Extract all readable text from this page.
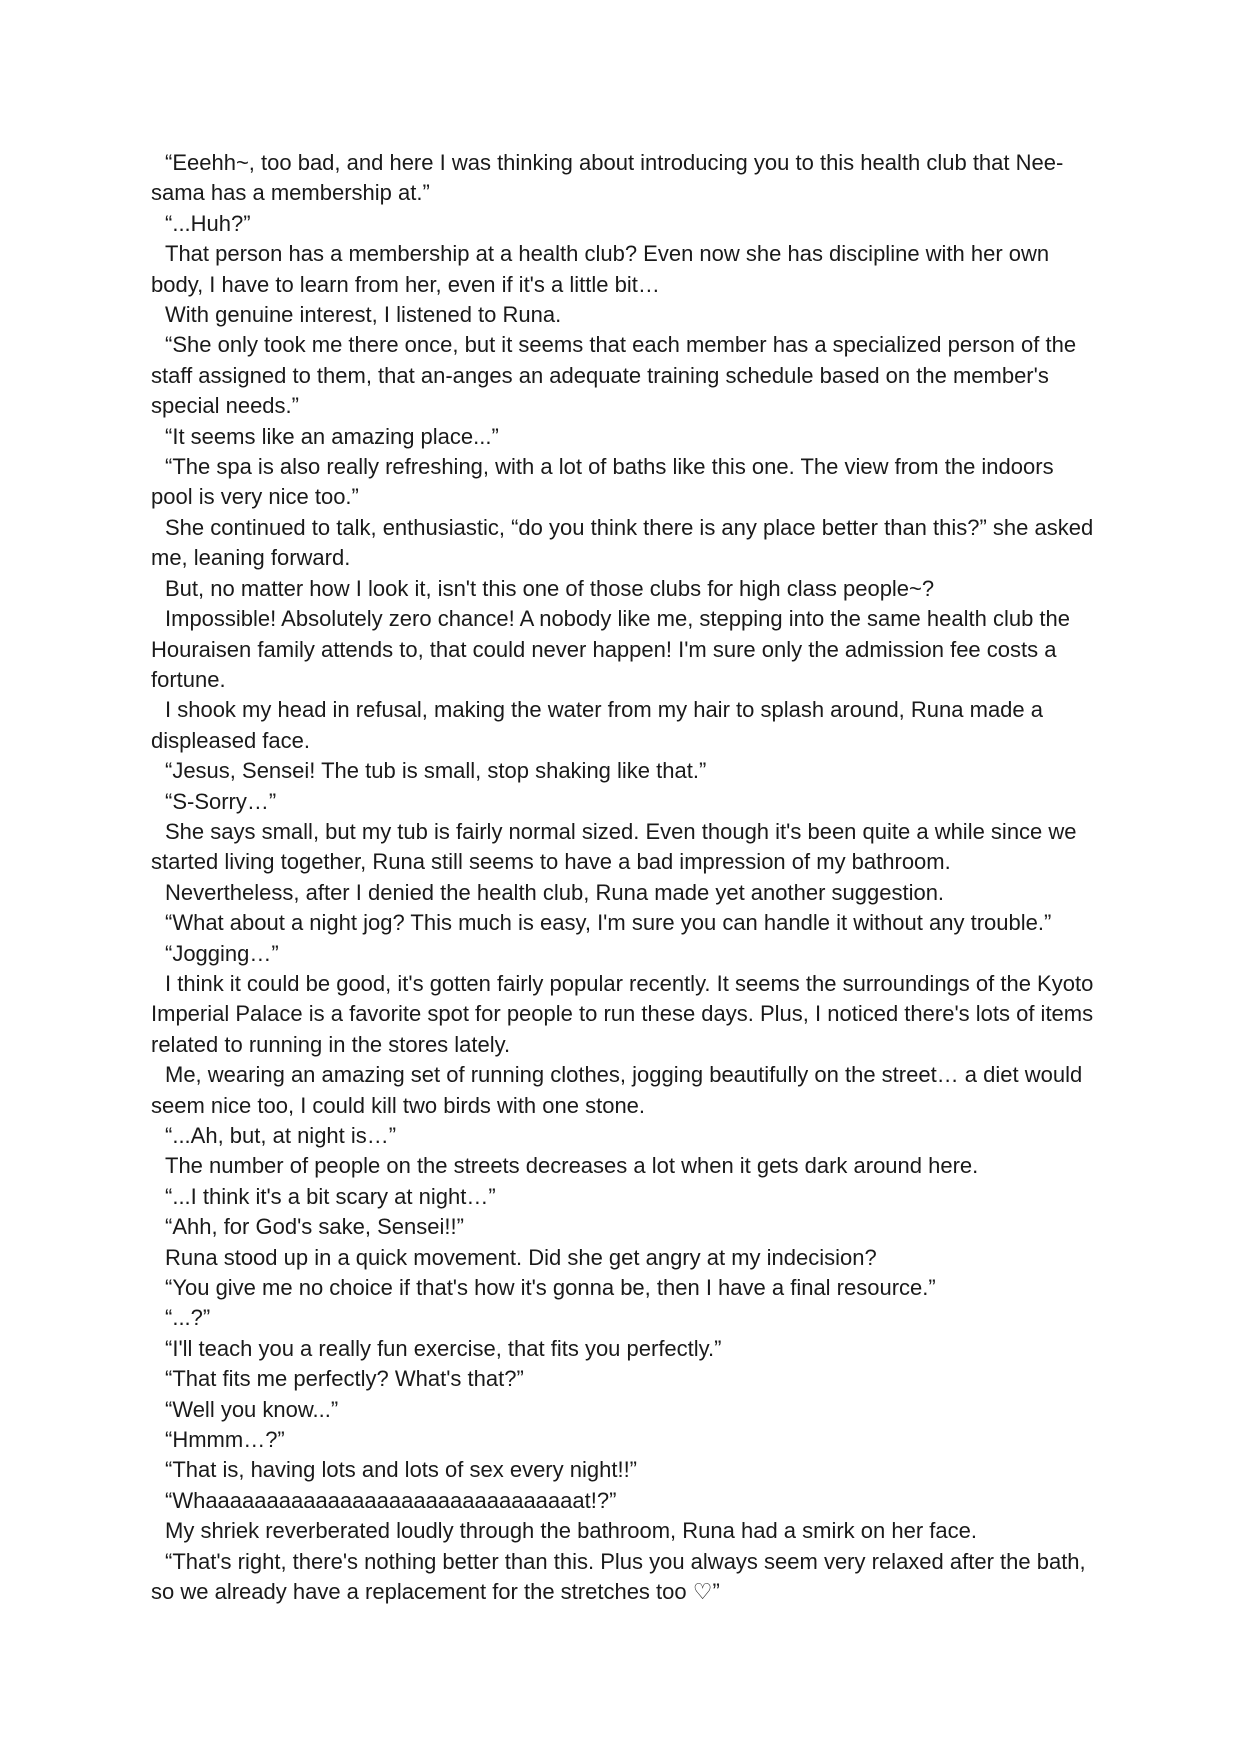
“Eeehh~, too bad, and here I was thinking about introducing you to this health club that Nee-sama has a membership at.”

“...Huh?”

That person has a membership at a health club? Even now she has discipline with her own body, I have to learn from her, even if it's a little bit…

With genuine interest, I listened to Runa.

“She only took me there once, but it seems that each member has a specialized person of the staff assigned to them, that an-anges an adequate training schedule based on the member's special needs.”

“It seems like an amazing place...”

“The spa is also really refreshing, with a lot of baths like this one. The view from the indoors pool is very nice too.”

She continued to talk, enthusiastic, “do you think there is any place better than this?” she asked me, leaning forward.

But, no matter how I look it, isn't this one of those clubs for high class people~?

Impossible! Absolutely zero chance! A nobody like me, stepping into the same health club the Houraisen family attends to, that could never happen! I'm sure only the admission fee costs a fortune.

I shook my head in refusal, making the water from my hair to splash around, Runa made a displeased face.

“Jesus, Sensei! The tub is small, stop shaking like that.”

“S-Sorry…”

She says small, but my tub is fairly normal sized. Even though it's been quite a while since we started living together, Runa still seems to have a bad impression of my bathroom.

Nevertheless, after I denied the health club, Runa made yet another suggestion.

“What about a night jog? This much is easy, I'm sure you can handle it without any trouble.”

“Jogging…”

I think it could be good, it's gotten fairly popular recently. It seems the surroundings of the Kyoto Imperial Palace is a favorite spot for people to run these days. Plus, I noticed there's lots of items related to running in the stores lately.

Me, wearing an amazing set of running clothes, jogging beautifully on the street… a diet would seem nice too, I could kill two birds with one stone.

“...Ah, but, at night is…”

The number of people on the streets decreases a lot when it gets dark around here.

“...I think it's a bit scary at night…”

“Ahh, for God's sake, Sensei!!”

Runa stood up in a quick movement. Did she get angry at my indecision?

“You give me no choice if that's how it's gonna be, then I have a final resource.”

“...?”

“I'll teach you a really fun exercise, that fits you perfectly.”

“That fits me perfectly? What's that?”

“Well you know...”

“Hmmm…?”

“That is, having lots and lots of sex every night!!”

“Whaaaaaaaaaaaaaaaaaaaaaaaaaaaaaaat!?”

My shriek reverberated loudly through the bathroom, Runa had a smirk on her face.

“That's right, there's nothing better than this. Plus you always seem very relaxed after the bath, so we already have a replacement for the stretches too ♡”
